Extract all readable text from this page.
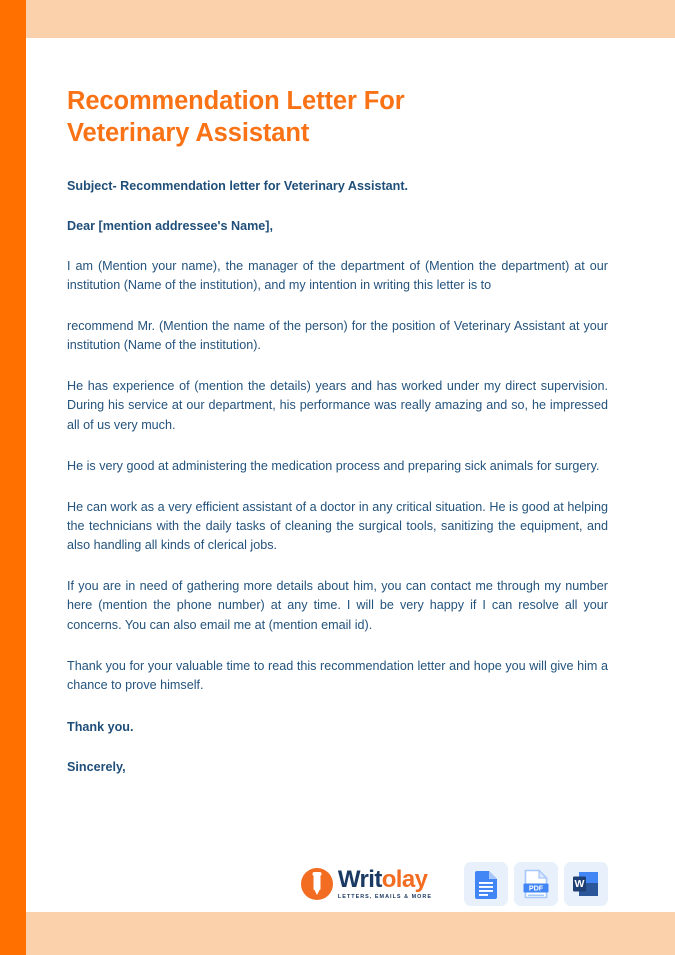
Recommendation Letter For Veterinary Assistant

Subject- Recommendation letter for Veterinary Assistant.

Dear [mention addressee's Name],

I am (Mention your name), the manager of the department of (Mention the department) at our institution (Name of the institution), and my intention in writing this letter is to

recommend Mr. (Mention the name of the person) for the position of Veterinary Assistant at your institution (Name of the institution).

He has experience of (mention the details) years and has worked under my direct supervision. During his service at our department, his performance was really amazing and so, he impressed all of us very much.

He is very good at administering the medication process and preparing sick animals for surgery.

He can work as a very efficient assistant of a doctor in any critical situation. He is good at helping the technicians with the daily tasks of cleaning the surgical tools, sanitizing the equipment, and also handling all kinds of clerical jobs.

If you are in need of gathering more details about him, you can contact me through my number here (mention the phone number) at any time. I will be very happy if I can resolve all your concerns. You can also email me at (mention email id).

Thank you for your valuable time to read this recommendation letter and hope you will give him a chance to prove himself.

Thank you.

Sincerely,

Writolay
LETTERS, EMAILS & MORE
PDF	W
